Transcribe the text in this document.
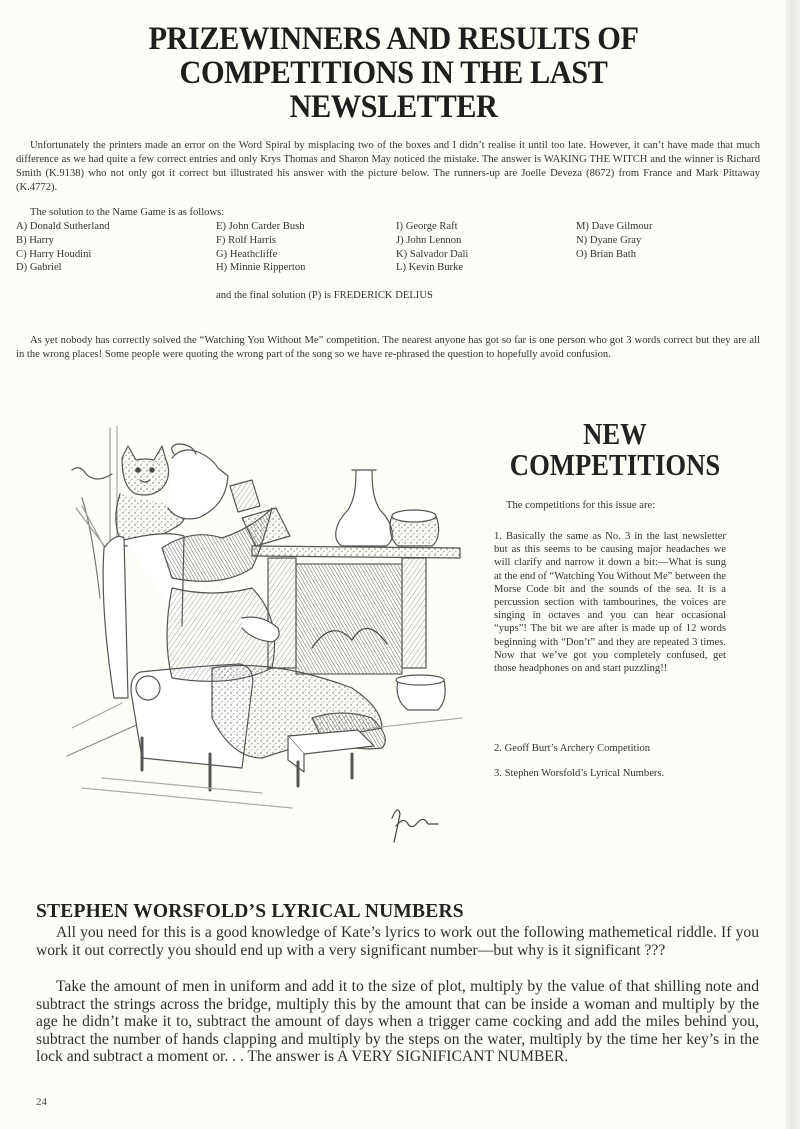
PRIZEWINNERS AND RESULTS OF
COMPETITIONS IN THE LAST
NEWSLETTER

Unfortunately the printers made an error on the Word Spiral by misplacing two of the boxes and I didn’t realise it until too late. However, it can’t have made that much difference as we had quite a few correct entries and only Krys Thomas and Sharon May noticed the mistake. The answer is WAKING THE WITCH and the winner is Richard Smith (K.9138) who not only got it correct but illustrated his answer with the picture below. The runners-up are Joelle Deveza (8672) from France and Mark Pittaway (K.4772).

The solution to the Name Game is as follows:

A) Donald Sutherland
B) Harry
C) Harry Houdini
D) Gabriel
E) John Carder Bush
F) Rolf Harris
G) Heathcliffe
H) Minnie Ripperton
I) George Raft
J) John Lennon
K) Salvador Dali
L) Kevin Burke
M) Dave Gilmour
N) Dyane Gray
O) Brian Bath
and the final solution (P) is FREDERICK DELIUS

As yet nobody has correctly solved the “Watching You Without Me” competition. The nearest anyone has got so far is one person who got 3 words correct but they are all in the wrong places! Some people were quoting the wrong part of the song so we have re-phrased the question to hopefully avoid confusion.

NEW
COMPETITIONS

The competitions for this issue are:

1. Basically the same as No. 3 in the last newsletter but as this seems to be causing major headaches we will clarify and narrow it down a bit:—What is sung at the end of “Watching You Without Me” between the Morse Code bit and the sounds of the sea. It is a percussion section with tambourines, the voices are singing in octaves and you can hear occasional “yups”! The bit we are after is made up of 12 words beginning with “Don’t” and they are repeated 3 times. Now that we’ve got you completely confused, get those headphones on and start puzzling!!

2. Geoff Burt’s Archery Competition

3. Stephen Worsfold’s Lyrical Numbers.

STEPHEN WORSFOLD’S LYRICAL NUMBERS

All you need for this is a good knowledge of Kate’s lyrics to work out the following mathemetical riddle. If you work it out correctly you should end up with a very significant number—but why is it significant ???

Take the amount of men in uniform and add it to the size of plot, multiply by the value of that shilling note and subtract the strings across the bridge, multiply this by the amount that can be inside a woman and multiply by the age he didn’t make it to, subtract the amount of days when a trigger came cocking and add the miles behind you, subtract the number of hands clapping and multiply by the steps on the water, multiply by the time her key’s in the lock and subtract a moment or. . . The answer is A VERY SIGNIFICANT NUMBER.

24
